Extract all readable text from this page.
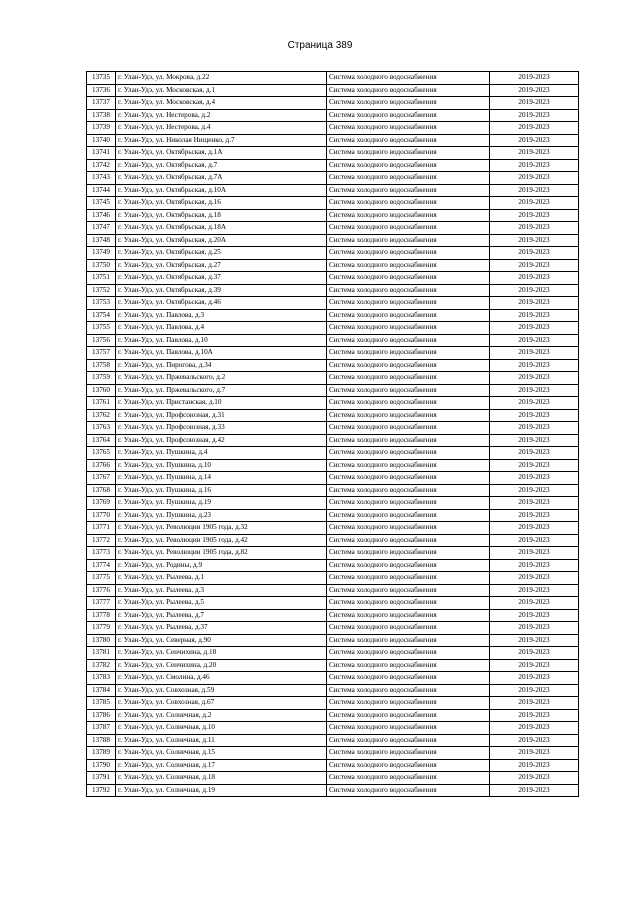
Страница 389
13735	г. Улан-Удэ, ул. Мокрова, д.22	Система холодного водоснабжения	2019-2023
13736	г. Улан-Удэ, ул. Московская, д.1	Система холодного водоснабжения	2019-2023
13737	г. Улан-Удэ, ул. Московская, д.4	Система холодного водоснабжения	2019-2023
13738	г. Улан-Удэ, ул. Нестерова, д.2	Система холодного водоснабжения	2019-2023
13739	г. Улан-Удэ, ул. Нестерова, д.4	Система холодного водоснабжения	2019-2023
13740	г. Улан-Удэ, ул. Николая Нищенко, д.7	Система холодного водоснабжения	2019-2023
13741	г. Улан-Удэ, ул. Октябрьская, д.1А	Система холодного водоснабжения	2019-2023
13742	г. Улан-Удэ, ул. Октябрьская, д.7	Система холодного водоснабжения	2019-2023
13743	г. Улан-Удэ, ул. Октябрьская, д.7А	Система холодного водоснабжения	2019-2023
13744	г. Улан-Удэ, ул. Октябрьская, д.10А	Система холодного водоснабжения	2019-2023
13745	г. Улан-Удэ, ул. Октябрьская, д.16	Система холодного водоснабжения	2019-2023
13746	г. Улан-Удэ, ул. Октябрьская, д.18	Система холодного водоснабжения	2019-2023
13747	г. Улан-Удэ, ул. Октябрьская, д.18А	Система холодного водоснабжения	2019-2023
13748	г. Улан-Удэ, ул. Октябрьская, д.20А	Система холодного водоснабжения	2019-2023
13749	г. Улан-Удэ, ул. Октябрьская, д.25	Система холодного водоснабжения	2019-2023
13750	г. Улан-Удэ, ул. Октябрьская, д.27	Система холодного водоснабжения	2019-2023
13751	г. Улан-Удэ, ул. Октябрьская, д.37	Система холодного водоснабжения	2019-2023
13752	г. Улан-Удэ, ул. Октябрьская, д.39	Система холодного водоснабжения	2019-2023
13753	г. Улан-Удэ, ул. Октябрьская, д.46	Система холодного водоснабжения	2019-2023
13754	г. Улан-Удэ, ул. Павлова, д.3	Система холодного водоснабжения	2019-2023
13755	г. Улан-Удэ, ул. Павлова, д.4	Система холодного водоснабжения	2019-2023
13756	г. Улан-Удэ, ул. Павлова, д.10	Система холодного водоснабжения	2019-2023
13757	г. Улан-Удэ, ул. Павлова, д.10А	Система холодного водоснабжения	2019-2023
13758	г. Улан-Удэ, ул. Пирогова, д.34	Система холодного водоснабжения	2019-2023
13759	г. Улан-Удэ, ул. Пржевальского, д.2	Система холодного водоснабжения	2019-2023
13760	г. Улан-Удэ, ул. Пржевальского, д.7	Система холодного водоснабжения	2019-2023
13761	г. Улан-Удэ, ул. Пристанская, д.10	Система холодного водоснабжения	2019-2023
13762	г. Улан-Удэ, ул. Профсоюзная, д.31	Система холодного водоснабжения	2019-2023
13763	г. Улан-Удэ, ул. Профсоюзная, д.33	Система холодного водоснабжения	2019-2023
13764	г. Улан-Удэ, ул. Профсоюзная, д.42	Система холодного водоснабжения	2019-2023
13765	г. Улан-Удэ, ул. Пушкина, д.4	Система холодного водоснабжения	2019-2023
13766	г. Улан-Удэ, ул. Пушкина, д.10	Система холодного водоснабжения	2019-2023
13767	г. Улан-Удэ, ул. Пушкина, д.14	Система холодного водоснабжения	2019-2023
13768	г. Улан-Удэ, ул. Пушкина, д.16	Система холодного водоснабжения	2019-2023
13769	г. Улан-Удэ, ул. Пушкина, д.19	Система холодного водоснабжения	2019-2023
13770	г. Улан-Удэ, ул. Пушкина, д.23	Система холодного водоснабжения	2019-2023
13771	г. Улан-Удэ, ул. Революции 1905 года, д.32	Система холодного водоснабжения	2019-2023
13772	г. Улан-Удэ, ул. Революции 1905 года, д.42	Система холодного водоснабжения	2019-2023
13773	г. Улан-Удэ, ул. Революции 1905 года, д.82	Система холодного водоснабжения	2019-2023
13774	г. Улан-Удэ, ул. Родины, д.9	Система холодного водоснабжения	2019-2023
13775	г. Улан-Удэ, ул. Рылеева, д.1	Система холодного водоснабжения	2019-2023
13776	г. Улан-Удэ, ул. Рылеева, д.3	Система холодного водоснабжения	2019-2023
13777	г. Улан-Удэ, ул. Рылеева, д.5	Система холодного водоснабжения	2019-2023
13778	г. Улан-Удэ, ул. Рылеева, д.7	Система холодного водоснабжения	2019-2023
13779	г. Улан-Удэ, ул. Рылеева, д.37	Система холодного водоснабжения	2019-2023
13780	г. Улан-Удэ, ул. Северная, д.90	Система холодного водоснабжения	2019-2023
13781	г. Улан-Удэ, ул. Сенчихина, д.18	Система холодного водоснабжения	2019-2023
13782	г. Улан-Удэ, ул. Сенчихина, д.20	Система холодного водоснабжения	2019-2023
13783	г. Улан-Удэ, ул. Смолина, д.46	Система холодного водоснабжения	2019-2023
13784	г. Улан-Удэ, ул. Совхозная, д.59	Система холодного водоснабжения	2019-2023
13785	г. Улан-Удэ, ул. Совхозная, д.67	Система холодного водоснабжения	2019-2023
13786	г. Улан-Удэ, ул. Солнечная, д.2	Система холодного водоснабжения	2019-2023
13787	г. Улан-Удэ, ул. Солнечная, д.10	Система холодного водоснабжения	2019-2023
13788	г. Улан-Удэ, ул. Солнечная, д.11	Система холодного водоснабжения	2019-2023
13789	г. Улан-Удэ, ул. Солнечная, д.15	Система холодного водоснабжения	2019-2023
13790	г. Улан-Удэ, ул. Солнечная, д.17	Система холодного водоснабжения	2019-2023
13791	г. Улан-Удэ, ул. Солнечная, д.18	Система холодного водоснабжения	2019-2023
13792	г. Улан-Удэ, ул. Солнечная, д.19	Система холодного водоснабжения	2019-2023
